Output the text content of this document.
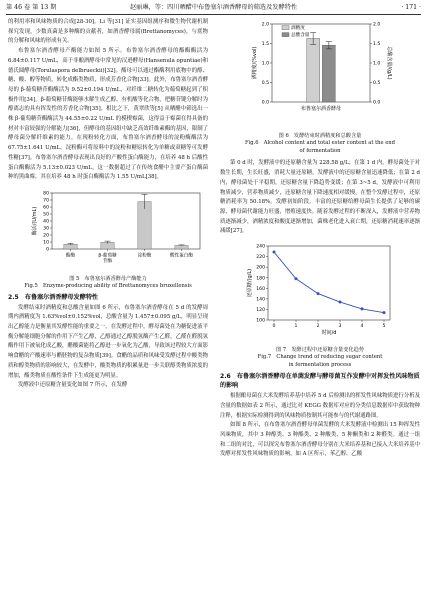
第 46 卷 第 13 期	赵丽琳，等：四川晒醋中布鲁塞尔酒香酵母的筛选及发酵特性	· 171 ·

的利用率和风味物质的合成[28-30]。Li 等[31] 证实基因组测序和微生物代谢机制探究发现，少数真菌是多种酶的贡献者，如酒香酵母属(Brettanomyces)，与底物的分解和风味的形成有关。

布鲁塞尔酒香酵母产酶能力如图 5 所示。布鲁塞尔酒香酵母的酯酶酶活为 6.84±0.117 U/mL，高于非酿酒酵母中常见的汉逊酵母(Hansenula opuntiae)和德氏圆酵母(Torulaspora delbrueckii)[32]。酯母可以通过酯酶利用底物中的醇、糖、酸、醇等物质，转化成酯类物质，形成芳香化合物[33]。此外，布鲁塞尔酒香酵母的 β-葡萄糖苷酶酶活为 9.52±0.194 U/mL，对纤维二糖转化为葡萄糖起到了积极作用[34]。β-葡萄糖苷酶能够水解生成乙醇、有机酸等化合物，把糖苷键分解时为醇离志的具有挥发性的芳香化合物[35]。相比之下，黄翠欣等[5] 从晒醋中筛选出一株 β-葡萄糖苷酶酶活为 44.55±0.22 U/mL 的模楔霉菌，这得益于霉菌在得具备的材对丰富较强的分解能力[36]，但酵母的基因组中缺乏高效纤维素酶的基因，限制了酵母菌分解纤维素的能力。在现粉转化方面，布鲁塞尔酒香酵母的淀粉酶酶活为 67.75±1.641 U/mL。淀粉酶可将原料中的淀粉和糖原转化为单糖或双糖等可发酵性糖[37]。布鲁塞尔酒香酵母表现出良好的产酸性蛋白酶能力，在培养 48 h 后酸性蛋白酶酶活为 5.13±0.023 U/mL。这一数据超过了在传统食醋中主要产蛋白酶菌种的黑曲霉，其在培养 48 h 时蛋白酶酶活为 1.55 U/mL[38]。

0
10
20
30
40
50
60
70
80
酶活/(U/mL)
酯酶	β-葡萄糖
苷酶
淀粉酶	酸性蛋白酶
图 5　布鲁塞尔酒香酵母产酶能力
Fig.5　Enzyme-producing ability of Brettanomyces bruxellensis
2.5　布鲁塞尔酒香酵母发酵特性

发酵结束时酒精度和总酸含量如图 6 所示，布鲁塞尔酒香酵母在 5 d 的发酵周期内酒精度为 1.63%vol±0.152%vol，总酸含量为 1.457±0.095 g/L，明显呈现出乙醇能力是衡量其发酵性能的重要之一。在发酵过程中，酵母菌处在为糖促进液平衡分解能细胞分解的作用下产生乙醇，乙醇通过乙醇脱氢酶产生乙醛，乙醛在醛脱氢酶作用下被氧化成乙酸，醋酸菌能将乙醇进一步氧化为乙酸，导致该过程较大方面影响食醋的产酸速率与醋胚物的复杂物质[39]。食醋的品质和风味受发酵过程中酸类物质和醇类物质的影响较大，在发酵中，酸类物质的积累量进一步关联醇类物质浓度的增加，酯类物质在酸性条件下生成能更为明显。

发酵液中还原糖含量变化如图 7 所示，在发酵

0.0	0.0
0.5	0.5
1.0	1.0
1.5	1.5
2.0	2.0
酒精度/(%vol)	总酸含量/(g/L)
酒精度
总酸含量
布鲁塞尔酒香酵母
图 6　发酵结束时酒精度和总酸含量
Fig.6　Alcohol content and total ester content at the end
of fermentation

第 0 d 时，发酵液中的还原糖含量为 228.58 g/L；在第 1 d 内，酵母菌处于对数生长期，生长旺盛，消耗大量还原糖，发酵液中的还原糖含量迅速降低；在第 2 d 内，酵母菌处于平稳期，还原糖含量下降趋势变缓；在第 3~5 d，发酵液中可利用物质减少，营养物质减少，还原糖含量下降速度相对缓慢，在整个发酵过程中，还原糖消耗率为 50.18%。发酵初始阶段，丰富的还原糖给酵母菌生长提供了足够的碳源，酵母菌代谢能力旺盛，增殖速度快。随着发酵过程的不断深入，发酵液中营养物质逐渐减少，酒精浓度和酸度逐渐增加，菌株老化进入衰亡期，还原糖消耗速率逐渐减缓[27]。

100
120
140
160
180
200
220
240
0	1	2	3	4	5
还原糖/(g/L)
时间/d
图 7　发酵过程中还原糖含量变化趋势
Fig.7　Change trend of reducing sugar content
in fermentation process
2.6　布鲁塞尔酒香酵母在单菌发酵与酵母菌互作发酵中对挥发性风味物质的影响

根据酿母菌在大米发酵培养基中培养 5 d 后检测出的挥发性风味物质进行分析及含量的数据如表 2 所示，通过比对 KEGG 数据库对应的分类信息数据库中获取物种注释，根据实际检测得到的风味物质按制其可能参与的代谢通路图。

如图 8 所示，在布鲁塞尔酒香酵母单菌发酵的大米发酵液中检测出 15 种挥发性风味物质，其中 3 种醇类、3 种酯类、2 种酸类、5 种酮类和 2 种醛类。通过一组和二组的对比，可以探究布鲁塞尔酒香酵母分别在大米培养基和已接入大米培养基中发酵对挥发性风味物质的影响，如 A 区所示，苯乙醇、乙酸
